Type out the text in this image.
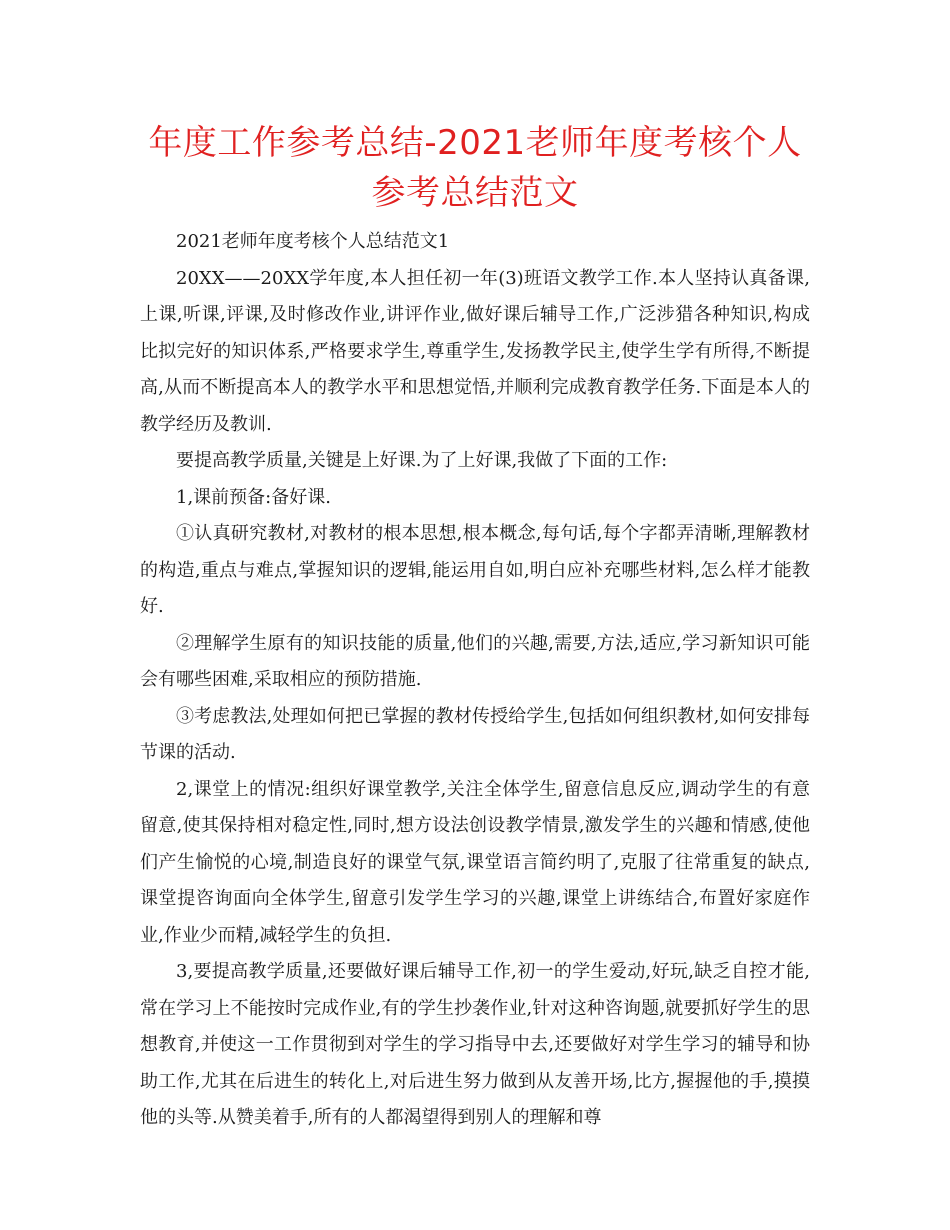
年度工作参考总结-2021老师年度考核个人参考总结范文

2021老师年度考核个人总结范文1

20XX——20XX学年度,本人担任初一年(3)班语文教学工作.本人坚持认真备课,上课,听课,评课,及时修改作业,讲评作业,做好课后辅导工作,广泛涉猎各种知识,构成比拟完好的知识体系,严格要求学生,尊重学生,发扬教学民主,使学生学有所得,不断提高,从而不断提高本人的教学水平和思想觉悟,并顺利完成教育教学任务.下面是本人的教学经历及教训.

要提高教学质量,关键是上好课.为了上好课,我做了下面的工作:

1,课前预备:备好课.

①认真研究教材,对教材的根本思想,根本概念,每句话,每个字都弄清晰,理解教材的构造,重点与难点,掌握知识的逻辑,能运用自如,明白应补充哪些材料,怎么样才能教好.

②理解学生原有的知识技能的质量,他们的兴趣,需要,方法,适应,学习新知识可能会有哪些困难,采取相应的预防措施.

③考虑教法,处理如何把已掌握的教材传授给学生,包括如何组织教材,如何安排每节课的活动.

2,课堂上的情况:组织好课堂教学,关注全体学生,留意信息反应,调动学生的有意留意,使其保持相对稳定性,同时,想方设法创设教学情景,激发学生的兴趣和情感,使他们产生愉悦的心境,制造良好的课堂气氛,课堂语言简约明了,克服了往常重复的缺点,课堂提咨询面向全体学生,留意引发学生学习的兴趣,课堂上讲练结合,布置好家庭作业,作业少而精,减轻学生的负担.

3,要提高教学质量,还要做好课后辅导工作,初一的学生爱动,好玩,缺乏自控才能,常在学习上不能按时完成作业,有的学生抄袭作业,针对这种咨询题,就要抓好学生的思想教育,并使这一工作贯彻到对学生的学习指导中去,还要做好对学生学习的辅导和协助工作,尤其在后进生的转化上,对后进生努力做到从友善开场,比方,握握他的手,摸摸他的头等.从赞美着手,所有的人都渴望得到别人的理解和尊
